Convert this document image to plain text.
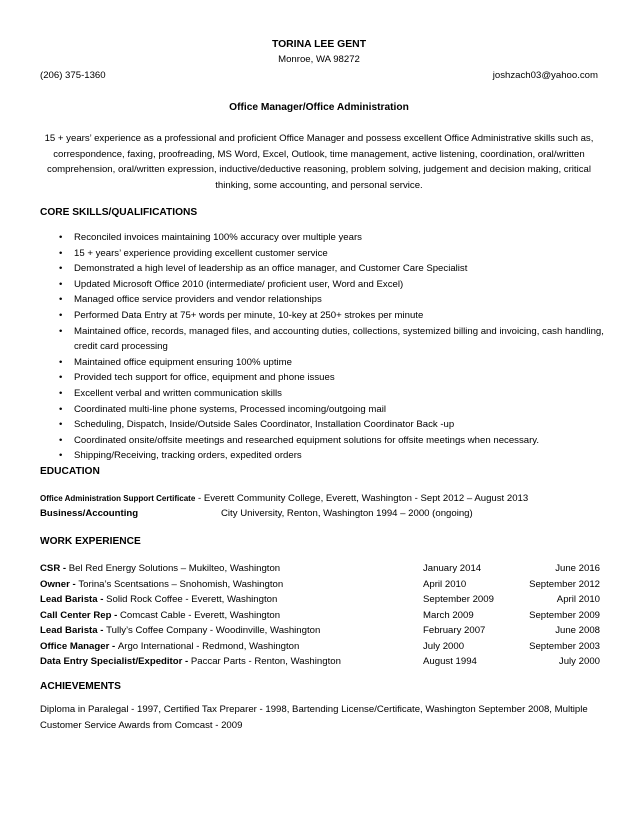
TORINA LEE GENT
Monroe, WA 98272
(206) 375-1360	joshzach03@yahoo.com
Office Manager/Office Administration
15 + years’ experience as a professional and proficient Office Manager and possess excellent Office Administrative skills such as, correspondence, faxing, proofreading, MS Word, Excel, Outlook, time management, active listening, coordination, oral/written comprehension, oral/written expression, inductive/deductive reasoning, problem solving, judgement and decision making, critical thinking, some accounting, and personal service.
CORE SKILLS/QUALIFICATIONS
• Reconciled invoices maintaining 100% accuracy over multiple years
• 15 + years’ experience providing excellent customer service
• Demonstrated a high level of leadership as an office manager, and Customer Care Specialist
• Updated Microsoft Office 2010 (intermediate/ proficient user, Word and Excel)
• Managed office service providers and vendor relationships
• Performed Data Entry at 75+ words per minute, 10-key at 250+ strokes per minute
• Maintained office, records, managed files, and accounting duties, collections, systemized billing and invoicing, cash handling, credit card processing
• Maintained office equipment ensuring 100% uptime
• Provided tech support for office, equipment and phone issues
• Excellent verbal and written communication skills
• Coordinated multi-line phone systems, Processed incoming/outgoing mail
• Scheduling, Dispatch, Inside/Outside Sales Coordinator, Installation Coordinator Back -up
• Coordinated onsite/offsite meetings and researched equipment solutions for offsite meetings when necessary.
• Shipping/Receiving, tracking orders, expedited orders
EDUCATION
Office Administration Support Certificate - Everett Community College, Everett, Washington - Sept 2012 – August 2013
Business/Accounting	City University, Renton, Washington 1994 – 2000 (ongoing)
WORK EXPERIENCE
CSR - Bel Red Energy Solutions – Mukilteo, Washington	January 2014	June 2016
Owner - Torina’s Scentsations – Snohomish, Washington	April 2010	September 2012
Lead Barista - Solid Rock Coffee - Everett, Washington	September 2009	April 2010
Call Center Rep - Comcast Cable - Everett, Washington	March 2009	September 2009
Lead Barista - Tully’s Coffee Company - Woodinville, Washington	February 2007	June 2008
Office Manager - Argo International - Redmond, Washington	July 2000	September 2003
Data Entry Specialist/Expeditor - Paccar Parts - Renton, Washington	August 1994	July 2000
ACHIEVEMENTS
Diploma in Paralegal - 1997, Certified Tax Preparer - 1998, Bartending License/Certificate, Washington September 2008, Multiple Customer Service Awards from Comcast - 2009
